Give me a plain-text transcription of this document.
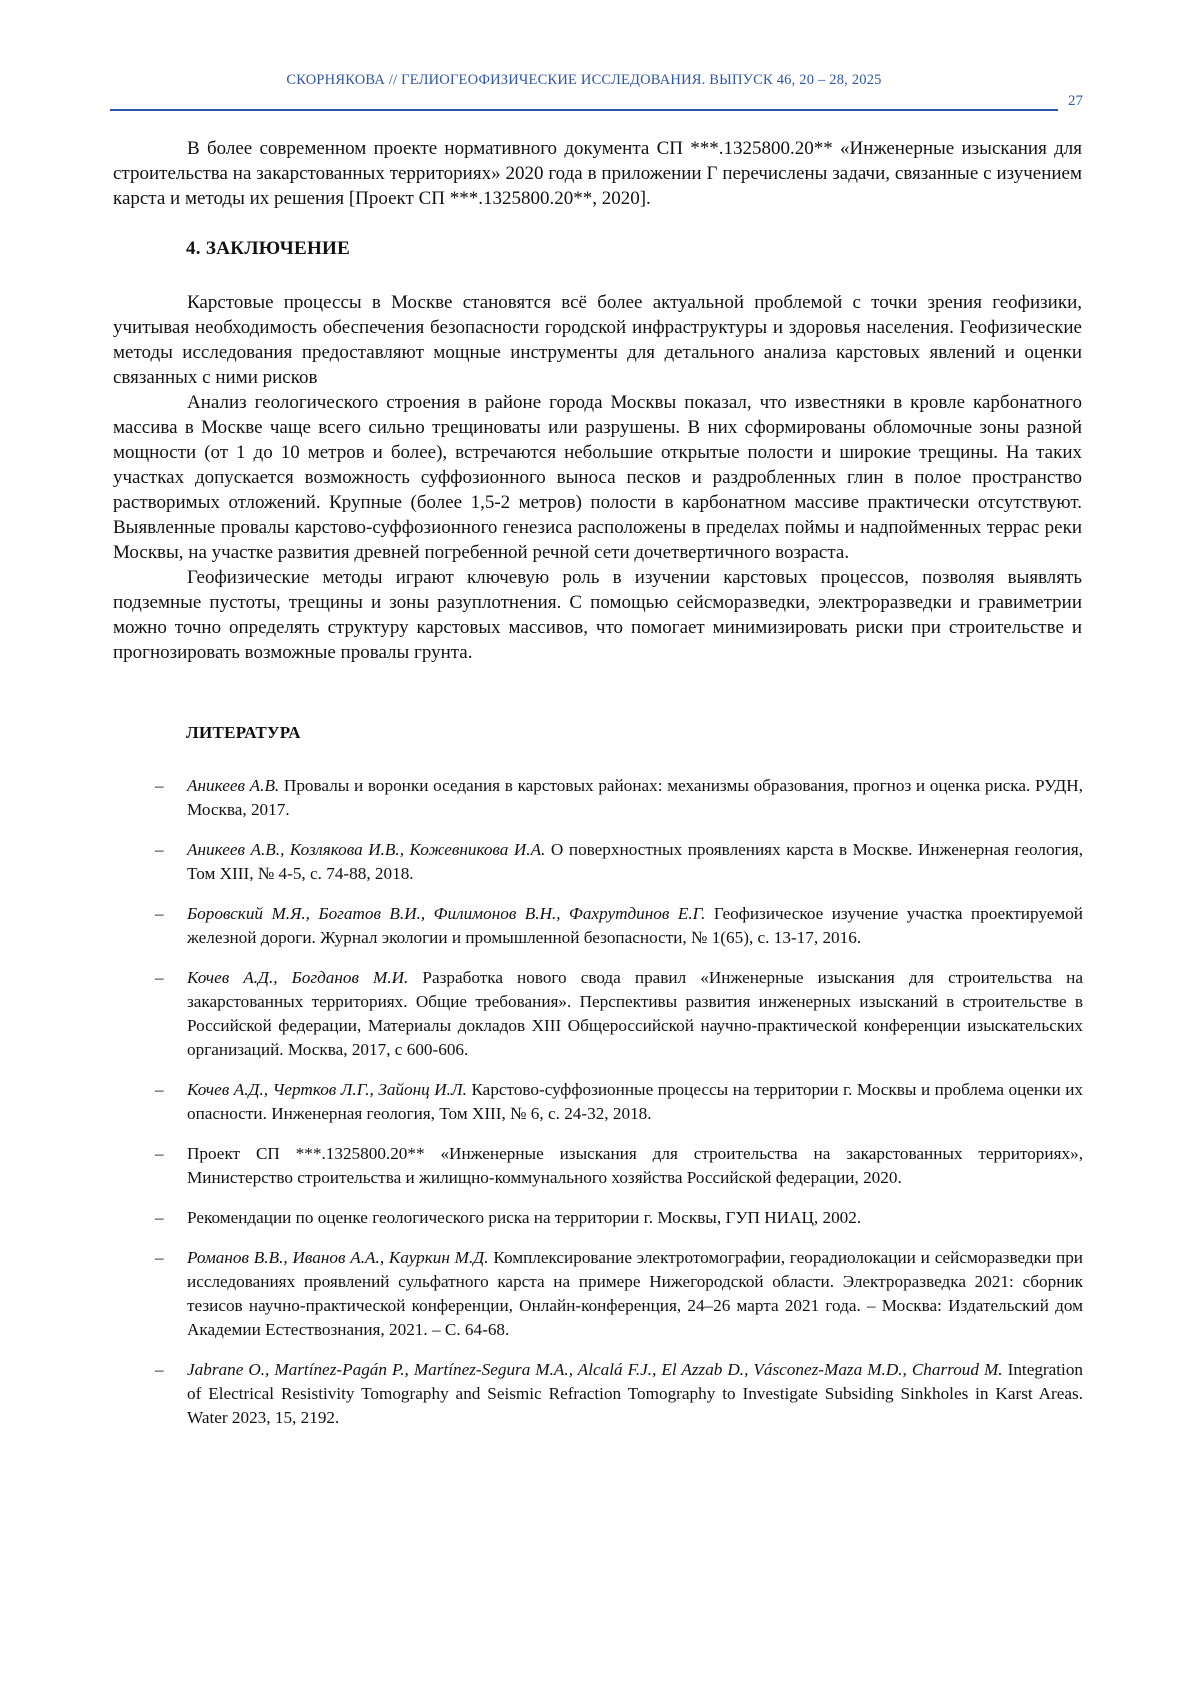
СКОРНЯКОВА // ГЕЛИОГЕОФИЗИЧЕСКИЕ ИССЛЕДОВАНИЯ. ВЫПУСК 46, 20 – 28, 2025
27

В более современном проекте нормативного документа СП ***.1325800.20** «Инженерные изыскания для строительства на закарстованных территориях» 2020 года в приложении Г перечислены задачи, связанные с изучением карста и методы их решения [Проект СП ***.1325800.20**, 2020].

4. ЗАКЛЮЧЕНИЕ

Карстовые процессы в Москве становятся всё более актуальной проблемой с точки зрения геофизики, учитывая необходимость обеспечения безопасности городской инфраструктуры и здоровья населения. Геофизические методы исследования предоставляют мощные инструменты для детального анализа карстовых явлений и оценки связанных с ними рисков

Анализ геологического строения в районе города Москвы показал, что известняки в кровле карбонатного массива в Москве чаще всего сильно трещиноваты или разрушены. В них сформированы обломочные зоны разной мощности (от 1 до 10 метров и более), встречаются небольшие открытые полости и широкие трещины. На таких участках допускается возможность суффозионного выноса песков и раздробленных глин в полое пространство растворимых отложений. Крупные (более 1,5-2 метров) полости в карбонатном массиве практически отсутствуют. Выявленные провалы карстово-суффозионного генезиса расположены в пределах поймы и надпойменных террас реки Москвы, на участке развития древней погребенной речной сети дочетвертичного возраста.

Геофизические методы играют ключевую роль в изучении карстовых процессов, позволяя выявлять подземные пустоты, трещины и зоны разуплотнения. С помощью сейсморазведки, электроразведки и гравиметрии можно точно определять структуру карстовых массивов, что помогает минимизировать риски при строительстве и прогнозировать возможные провалы грунта.

ЛИТЕРАТУРА
– Аникеев А.В. Провалы и воронки оседания в карстовых районах: механизмы образования, прогноз и оценка риска. РУДН, Москва, 2017.
– Аникеев А.В., Козлякова И.В., Кожевникова И.А. О поверхностных проявлениях карста в Москве. Инженерная геология, Том XIII, № 4-5, с. 74-88, 2018.
– Боровский М.Я., Богатов В.И., Филимонов В.Н., Фахрутдинов Е.Г. Геофизическое изучение участка проектируемой железной дороги. Журнал экологии и промышленной безопасности, № 1(65), с. 13-17, 2016.
– Кочев А.Д., Богданов М.И. Разработка нового свода правил «Инженерные изыскания для строительства на закарстованных территориях. Общие требования». Перспективы развития инженерных изысканий в строительстве в Российской федерации, Материалы докладов XIII Общероссийской научно-практической конференции изыскательских организаций. Москва, 2017, с 600-606.
– Кочев А.Д., Чертков Л.Г., Зайонц И.Л. Карстово-суффозионные процессы на территории г. Москвы и проблема оценки их опасности. Инженерная геология, Том XIII, № 6, с. 24-32, 2018.
– Проект СП ***.1325800.20** «Инженерные изыскания для строительства на закарстованных территориях», Министерство строительства и жилищно-коммунального хозяйства Российской федерации, 2020.
– Рекомендации по оценке геологического риска на территории г. Москвы, ГУП НИАЦ, 2002.
– Романов В.В., Иванов А.А., Кауркин М.Д. Комплексирование электротомографии, георадиолокации и сейсморазведки при исследованиях проявлений сульфатного карста на примере Нижегородской области. Электроразведка 2021: сборник тезисов научно-практической конференции, Онлайн-конференция, 24–26 марта 2021 года. – Москва: Издательский дом Академии Естествознания, 2021. – С. 64-68.
– Jabrane O., Martínez-Pagán P., Martínez-Segura M.A., Alcalá F.J., El Azzab D., Vásconez-Maza M.D., Charroud M. Integration of Electrical Resistivity Tomography and Seismic Refraction Tomography to Investigate Subsiding Sinkholes in Karst Areas. Water 2023, 15, 2192.
